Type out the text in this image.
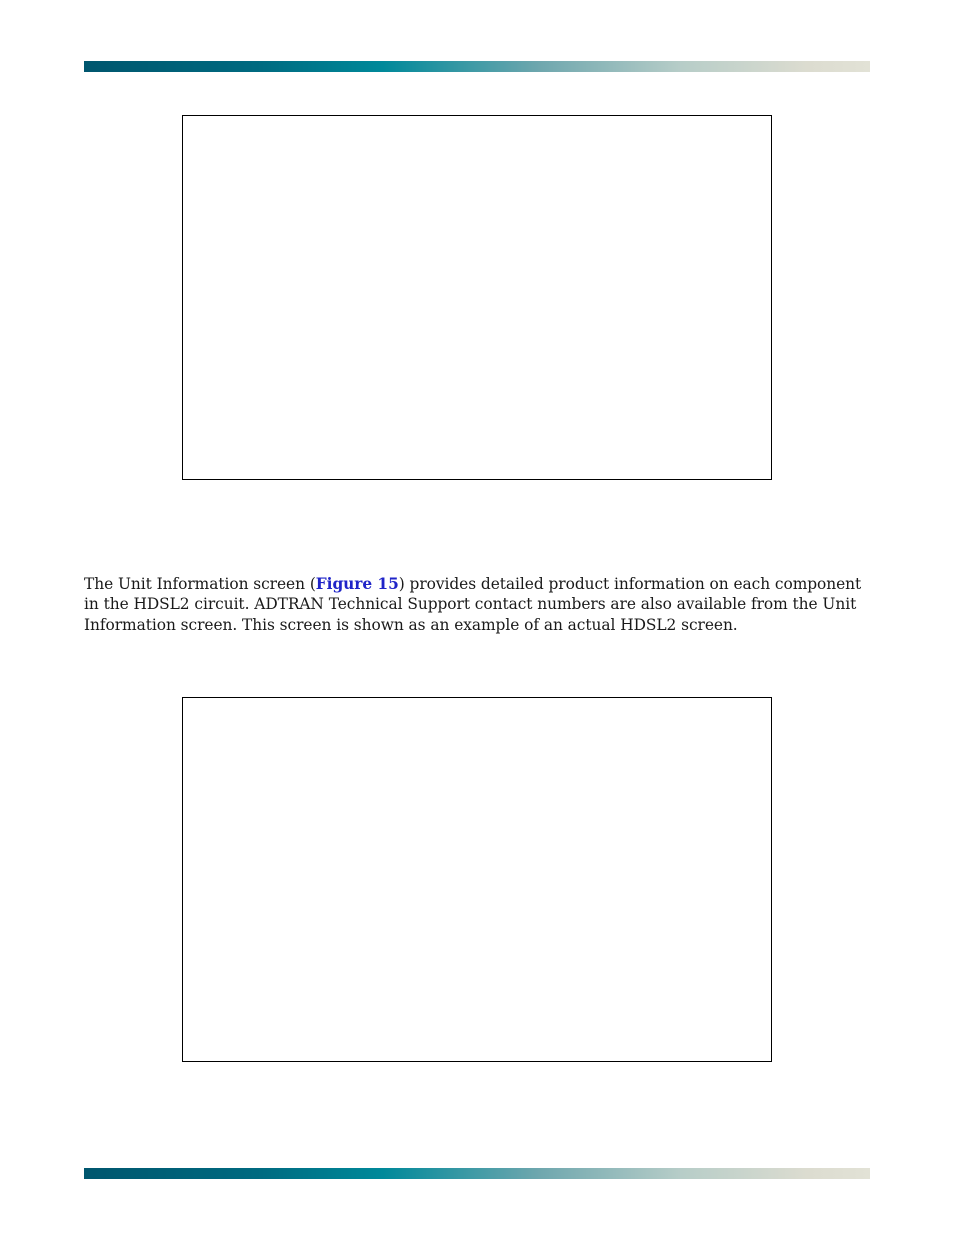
The Unit Information screen (Figure 15) provides detailed product information on each component in the HDSL2 circuit. ADTRAN Technical Support contact numbers are also available from the Unit Information screen. This screen is shown as an example of an actual HDSL2 screen.
